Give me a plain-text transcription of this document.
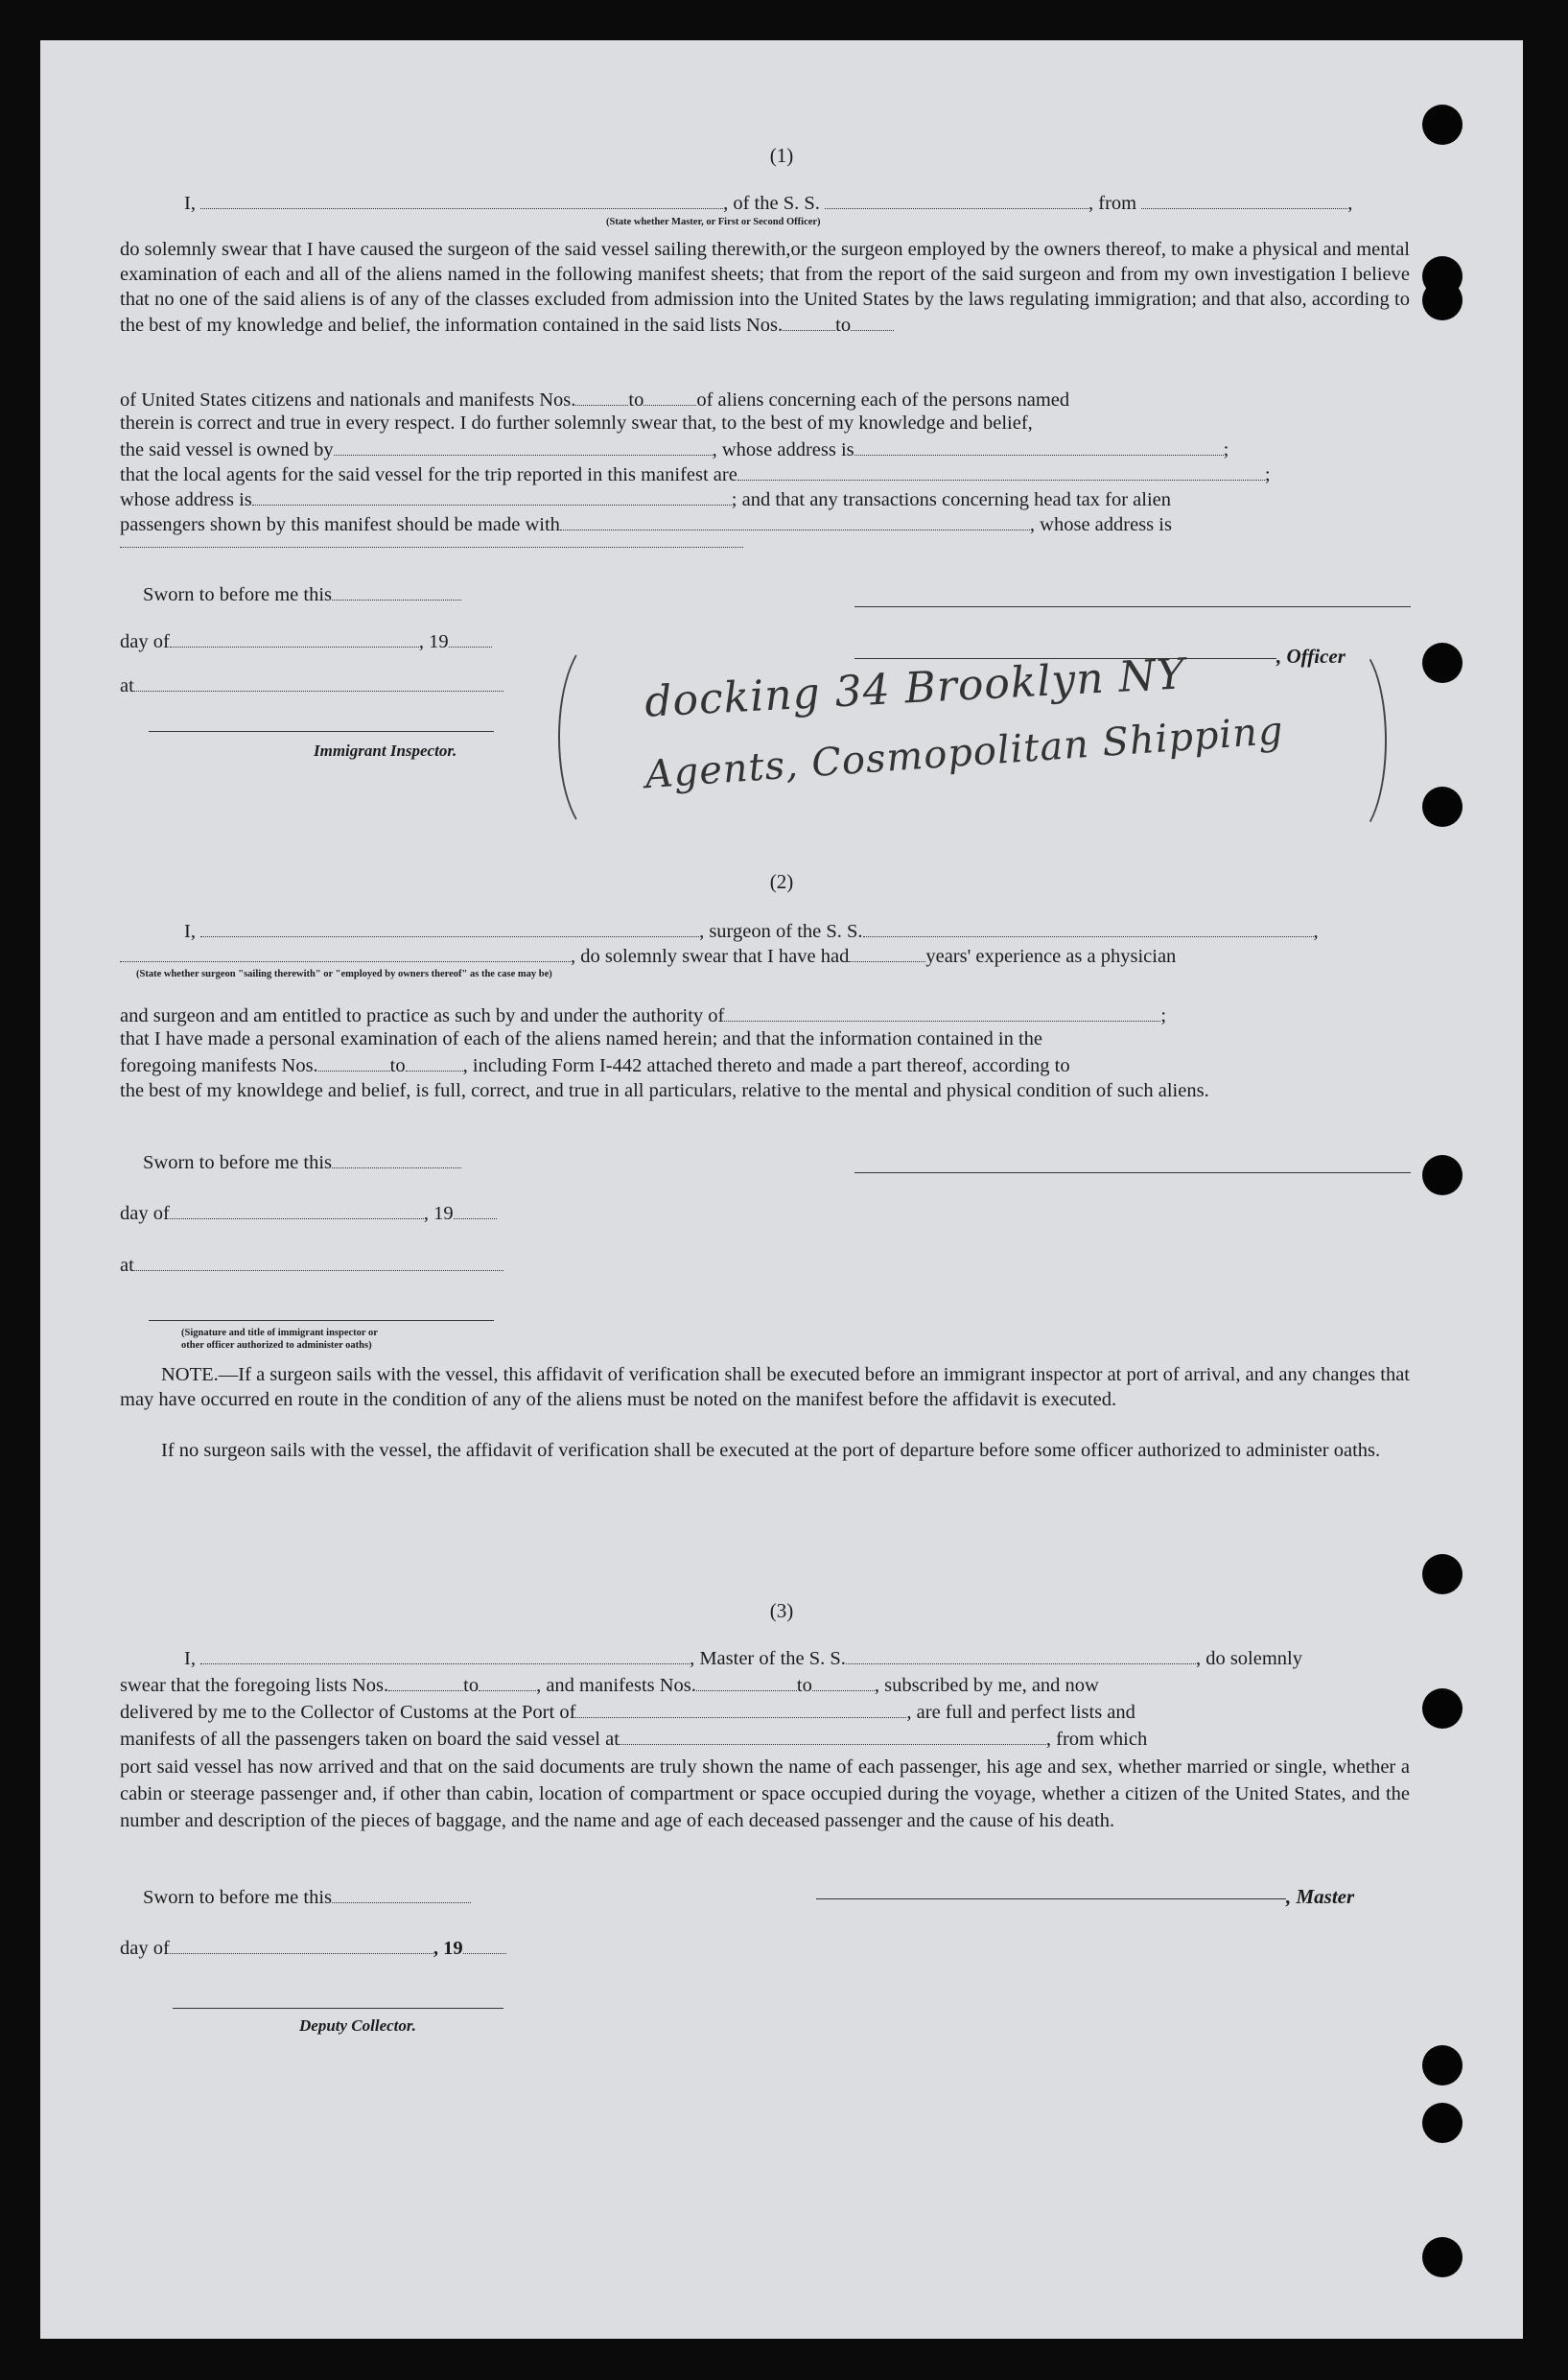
(1)
I,	, of the S. S.	, from	,
(State whether Master, or First or Second Officer)
do solemnly swear that I have caused the surgeon of the said vessel sailing therewith,or the surgeon employed by the owners thereof, to make a physical and mental examination of each and all of the aliens named in the following manifest sheets; that from the report of the said surgeon and from my own investigation I believe that no one of the said aliens is of any of the classes excluded from admission into the United States by the laws regulating immigration; and that also, according to the best of my knowledge and belief, the information contained in the said lists Nos.	to
of United States citizens and nationals and manifests Nos.	to	of aliens concerning each of the persons named
therein is correct and true in every respect. I do further solemnly swear that, to the best of my knowledge and belief,
the said vessel is owned by	, whose address is	;
that the local agents for the said vessel for the trip reported in this manifest are	;
whose address is	; and that any transactions concerning head tax for alien
passengers shown by this manifest should be made with	, whose address is
Sworn to before me this
day of	, 19
, Officer
at
Immigrant Inspector.
docking 34 Brooklyn NY
Agents, Cosmopolitan Shipping
(2)
I,	, surgeon of the S. S.	,
, do solemnly swear that I have had	years' experience as a physician
(State whether surgeon "sailing therewith" or "employed by owners thereof" as the case may be)
and surgeon and am entitled to practice as such by and under the authority of	;
that I have made a personal examination of each of the aliens named herein; and that the information contained in the
foregoing manifests Nos.	to	, including Form I-442 attached thereto and made a part thereof, according to
the best of my knowldege and belief, is full, correct, and true in all particulars, relative to the mental and physical condition of such aliens.
Sworn to before me this
day of	, 19
at
(Signature and title of immigrant inspector or
other officer authorized to administer oaths)
NOTE.—If a surgeon sails with the vessel, this affidavit of verification shall be executed before an immigrant inspector at port of arrival, and any changes that may have occurred en route in the condition of any of the aliens must be noted on the manifest before the affidavit is executed.
If no surgeon sails with the vessel, the affidavit of verification shall be executed at the port of departure before some officer authorized to administer oaths.
(3)
I,	, Master of the S. S.	, do solemnly
swear that the foregoing lists Nos.	to	, and manifests Nos.	to	, subscribed by me, and now
delivered by me to the Collector of Customs at the Port of	, are full and perfect lists and
manifests of all the passengers taken on board the said vessel at	, from which
port said vessel has now arrived and that on the said documents are truly shown the name of each passenger, his age and sex, whether married or single, whether a cabin or steerage passenger and, if other than cabin, location of compartment or space occupied during the voyage, whether a citizen of the United States, and the number and description of the pieces of baggage, and the name and age of each deceased passenger and the cause of his death.
Sworn to before me this	, Master
day of	, 19
Deputy Collector.
